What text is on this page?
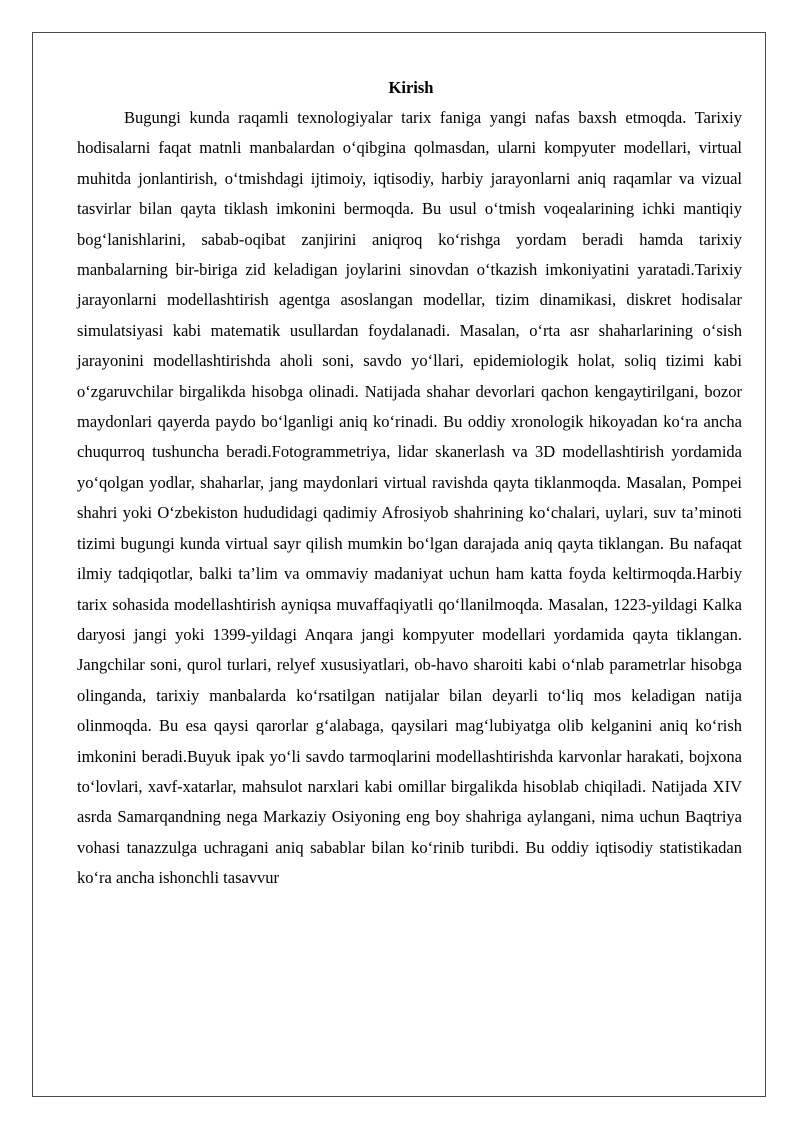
Kirish

Bugungi kunda raqamli texnologiyalar tarix faniga yangi nafas baxsh etmoqda. Tarixiy hodisalarni faqat matnli manbalardan o‘qibgina qolmasdan, ularni kompyuter modellari, virtual muhitda jonlantirish, o‘tmishdagi ijtimoiy, iqtisodiy, harbiy jarayonlarni aniq raqamlar va vizual tasvirlar bilan qayta tiklash imkonini bermoqda. Bu usul o‘tmish voqealarining ichki mantiqiy bog‘lanishlarini, sabab-oqibat zanjirini aniqroq ko‘rishga yordam beradi hamda tarixiy manbalarning bir-biriga zid keladigan joylarini sinovdan o‘tkazish imkoniyatini yaratadi.Tarixiy jarayonlarni modellashtirish agentga asoslangan modellar, tizim dinamikasi, diskret hodisalar simulatsiyasi kabi matematik usullardan foydalanadi. Masalan, o‘rta asr shaharlarining o‘sish jarayonini modellashtirishda aholi soni, savdo yo‘llari, epidemiologik holat, soliq tizimi kabi o‘zgaruvchilar birgalikda hisobga olinadi. Natijada shahar devorlari qachon kengaytirilgani, bozor maydonlari qayerda paydo bo‘lganligi aniq ko‘rinadi. Bu oddiy xronologik hikoyadan ko‘ra ancha chuqurroq tushuncha beradi.Fotogrammetriya, lidar skanerlash va 3D modellashtirish yordamida yo‘qolgan yodlar, shaharlar, jang maydonlari virtual ravishda qayta tiklanmoqda. Masalan, Pompei shahri yoki O‘zbekiston hududidagi qadimiy Afrosiyob shahrining ko‘chalari, uylari, suv ta’minoti tizimi bugungi kunda virtual sayr qilish mumkin bo‘lgan darajada aniq qayta tiklangan. Bu nafaqat ilmiy tadqiqotlar, balki ta’lim va ommaviy madaniyat uchun ham katta foyda keltirmoqda.Harbiy tarix sohasida modellashtirish ayniqsa muvaffaqiyatli qo‘llanilmoqda. Masalan, 1223-yildagi Kalka daryosi jangi yoki 1399-yildagi Anqara jangi kompyuter modellari yordamida qayta tiklangan. Jangchilar soni, qurol turlari, relyef xususiyatlari, ob-havo sharoiti kabi o‘nlab parametrlar hisobga olinganda, tarixiy manbalarda ko‘rsatilgan natijalar bilan deyarli to‘liq mos keladigan natija olinmoqda. Bu esa qaysi qarorlar g‘alabaga, qaysilari mag‘lubiyatga olib kelganini aniq ko‘rish imkonini beradi.Buyuk ipak yo‘li savdo tarmoqlarini modellashtirishda karvonlar harakati, bojxona to‘lovlari, xavf-xatarlar, mahsulot narxlari kabi omillar birgalikda hisoblab chiqiladi. Natijada XIV asrda Samarqandning nega Markaziy Osiyoning eng boy shahriga aylangani, nima uchun Baqtriya vohasi tanazzulga uchragani aniq sabablar bilan ko‘rinib turibdi. Bu oddiy iqtisodiy statistikadan ko‘ra ancha ishonchli tasavvur
